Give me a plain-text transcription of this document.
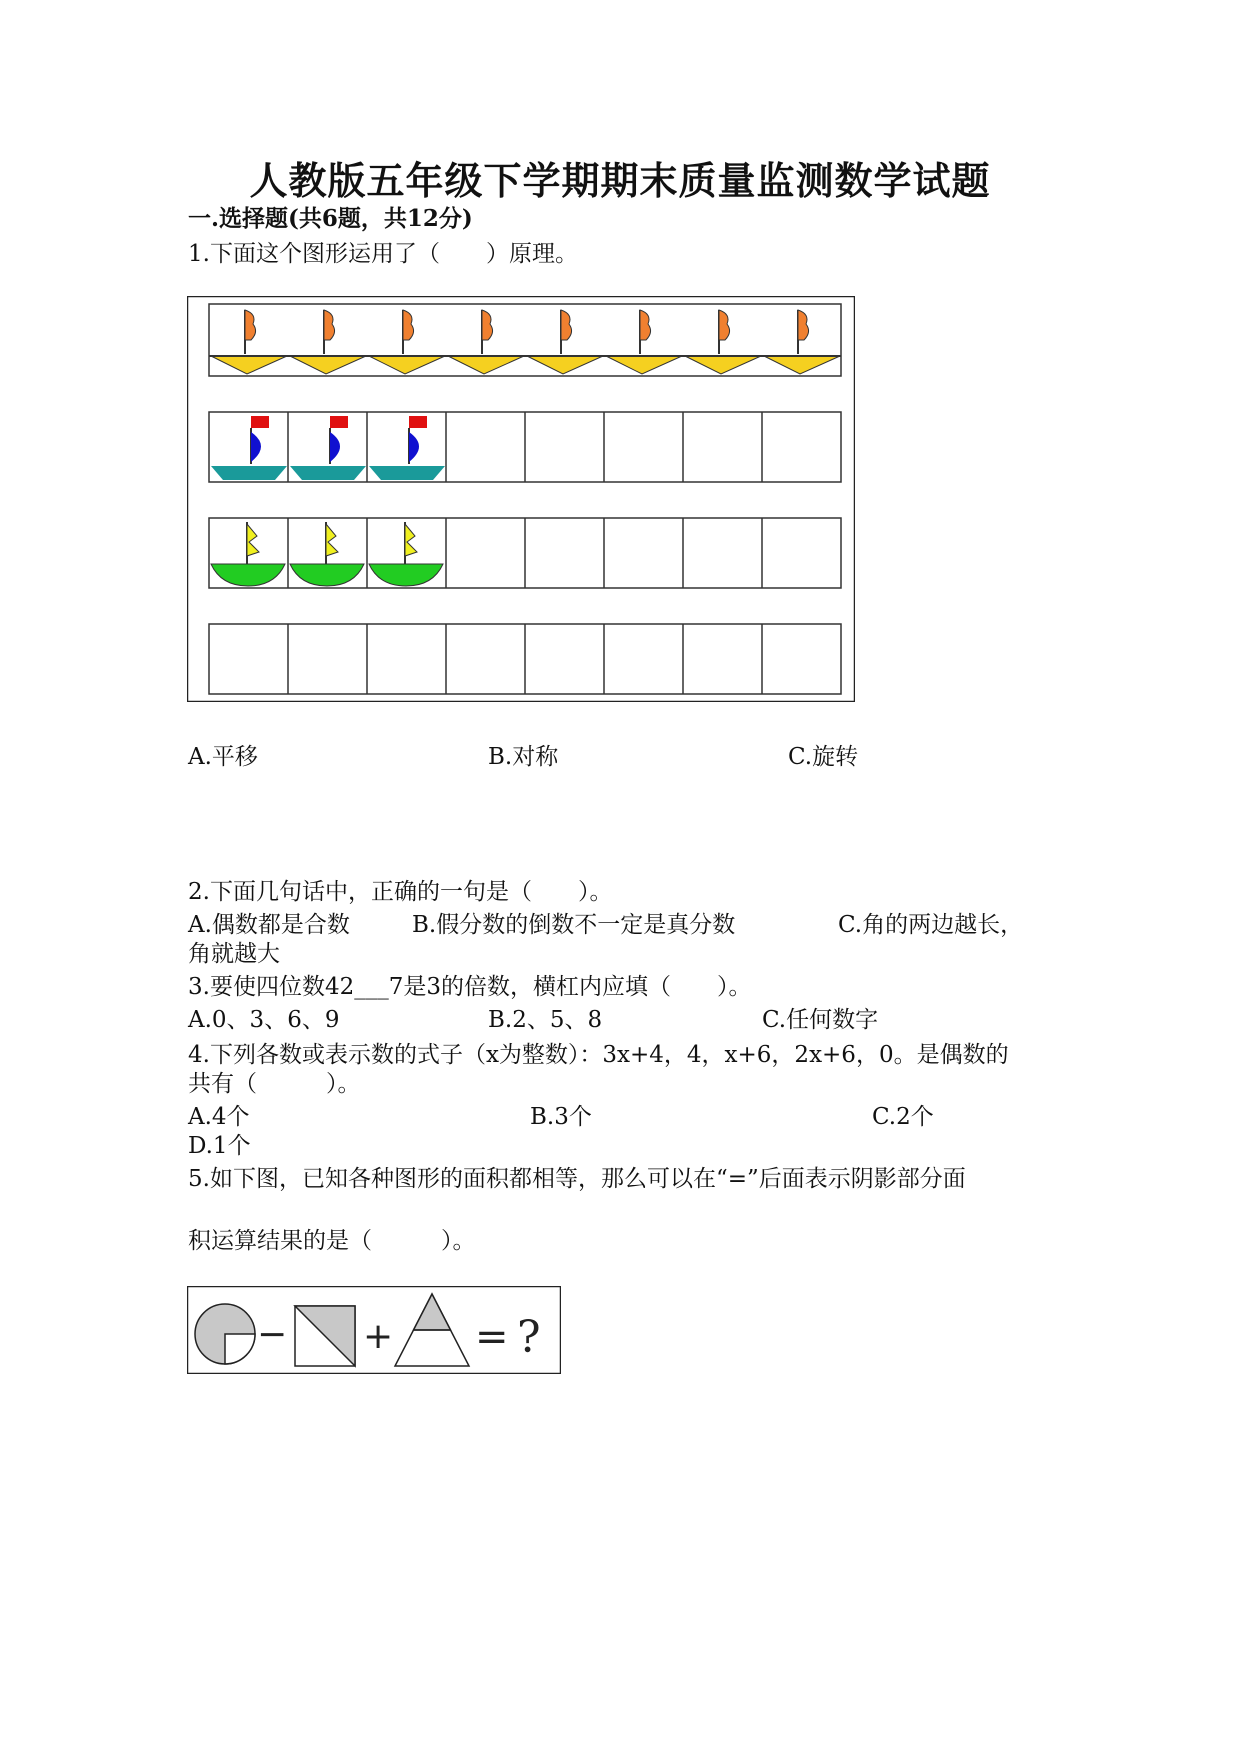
人教版五年级下学期期末质量监测数学试题
一.选择题(共6题，共12分)
1.下面这个图形运用了（　　）原理。
A.平移	B.对称	C.旋转
2.下面几句话中，正确的一句是（　　）。
A.偶数都是合数	B.假分数的倒数不一定是真分数	C.角的两边越长，
角就越大
3.要使四位数42___7是3的倍数，横杠内应填（　　）。
A.0、3、6、9	B.2、5、8	C.任何数字
4.下列各数或表示数的式子（x为整数）：3x+4，4，x+6，2x+6，0。是偶数的
共有（　　　）。
A.4个	B.3个	C.2个
D.1个
5.如下图，已知各种图形的面积都相等，那么可以在“=”后面表示阴影部分面
积运算结果的是（　　　）。
− + = ?
